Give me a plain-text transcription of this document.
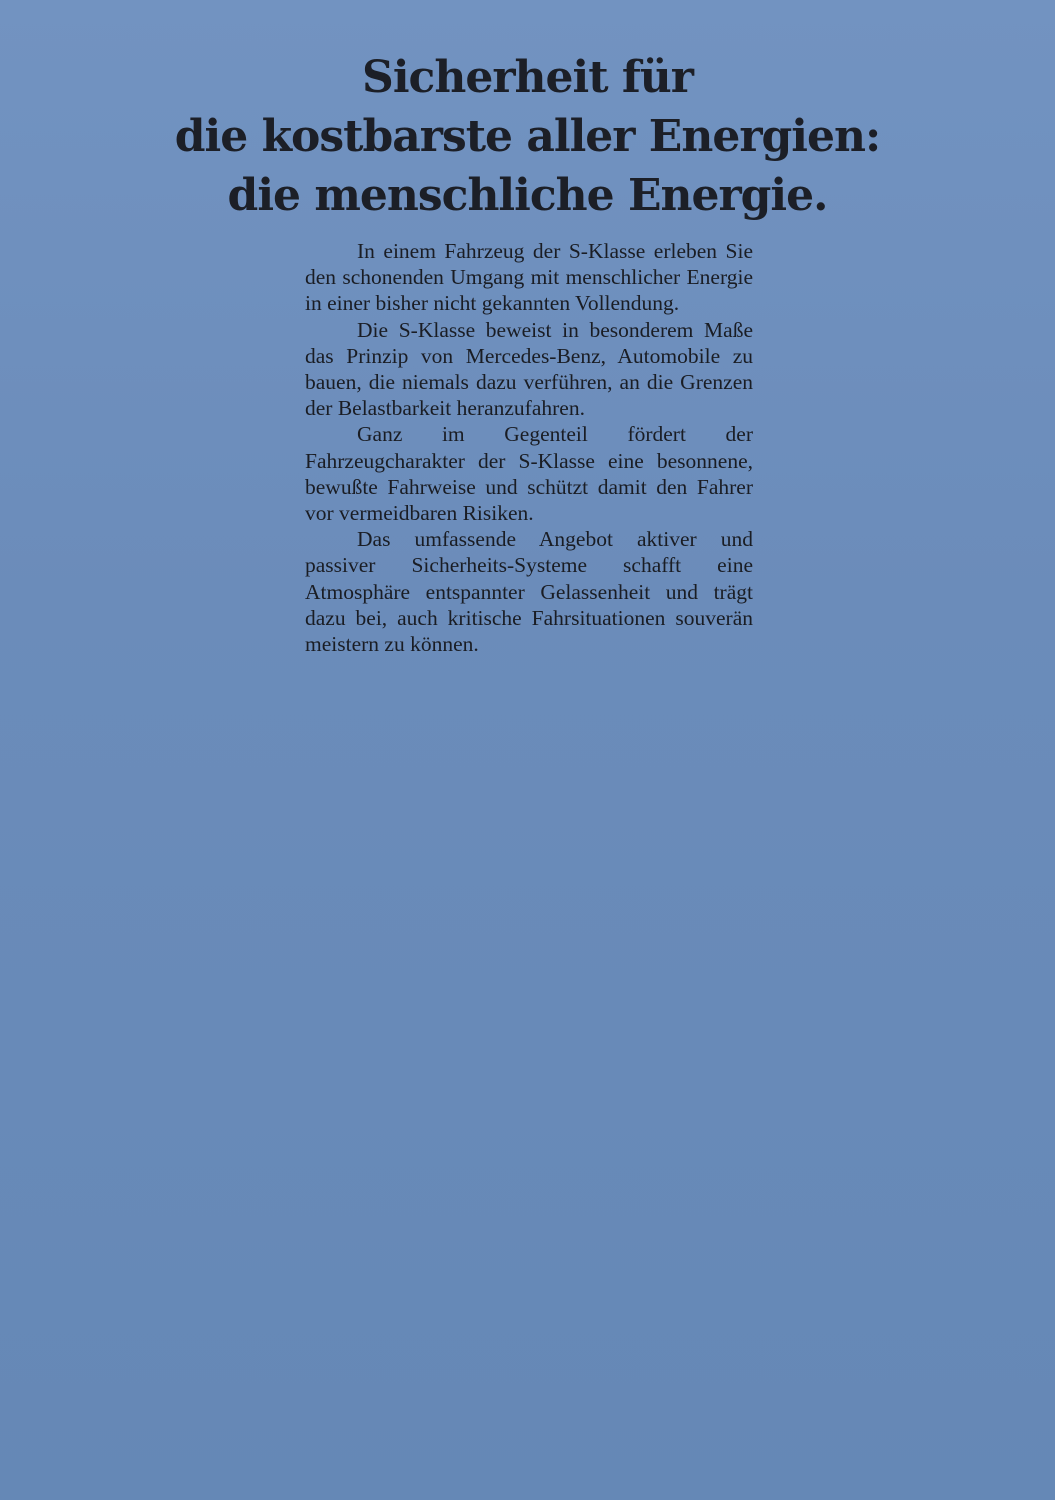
Sicherheit für
die kostbarste aller Energien:
die menschliche Energie.

In einem Fahrzeug der S-Klasse erleben Sie den schonenden Umgang mit menschlicher Energie in einer bisher nicht gekannten Vollendung.

Die S-Klasse beweist in besonderem Maße das Prinzip von Mercedes-Benz, Automobile zu bauen, die niemals dazu verführen, an die Grenzen der Belastbarkeit heranzufahren.

Ganz im Gegenteil fördert der Fahrzeugcharakter der S-Klasse eine besonnene, bewußte Fahrweise und schützt damit den Fahrer vor vermeidbaren Risiken.

Das umfassende Angebot aktiver und passiver Sicherheits-Systeme schafft eine Atmosphäre entspannter Gelassenheit und trägt dazu bei, auch kritische Fahrsituationen souverän meistern zu können.
